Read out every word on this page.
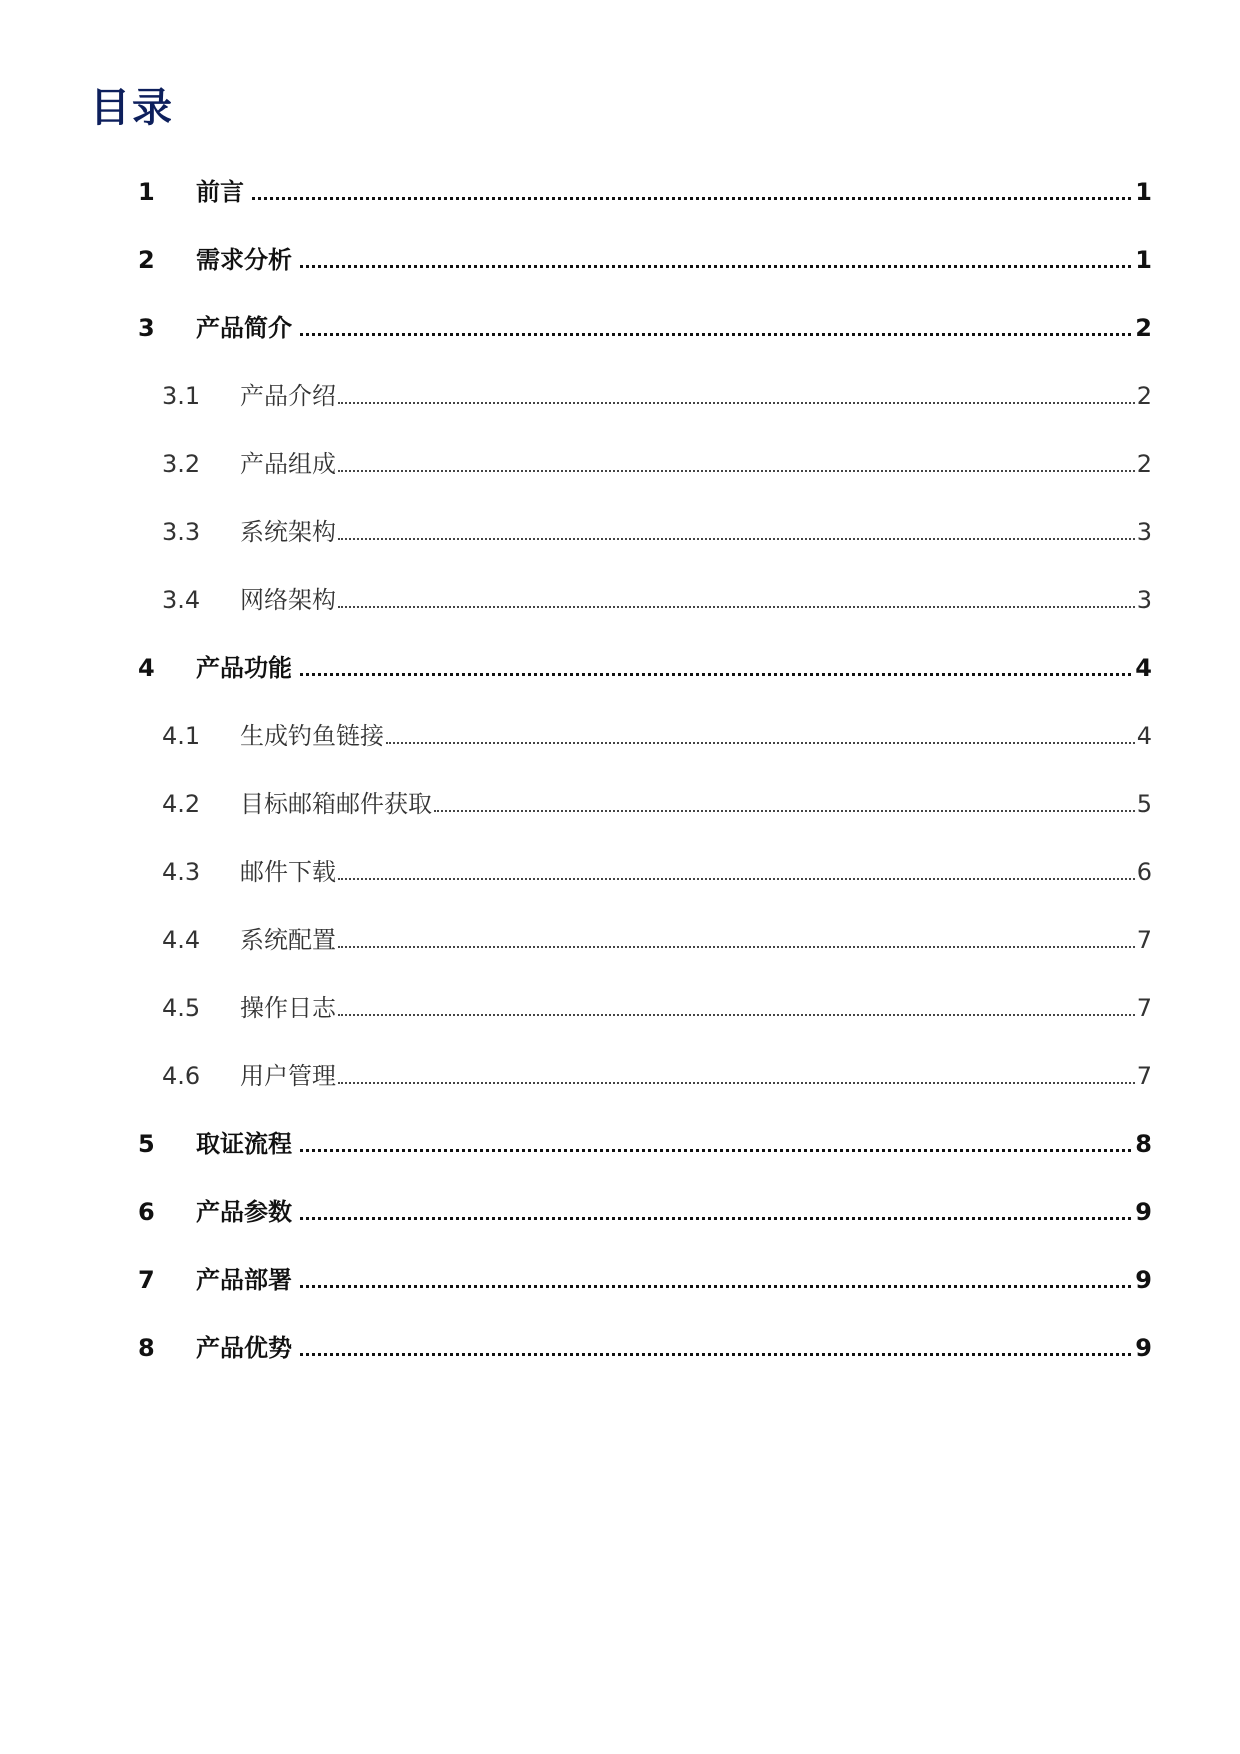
目录
1 前言	1
2 需求分析	1
3 产品简介	2
3.1 产品介绍	2
3.2 产品组成	2
3.3 系统架构	3
3.4 网络架构	3
4 产品功能	4
4.1 生成钓鱼链接	4
4.2 目标邮箱邮件获取	5
4.3 邮件下载	6
4.4 系统配置	7
4.5 操作日志	7
4.6 用户管理	7
5 取证流程	8
6 产品参数	9
7 产品部署	9
8 产品优势	9
